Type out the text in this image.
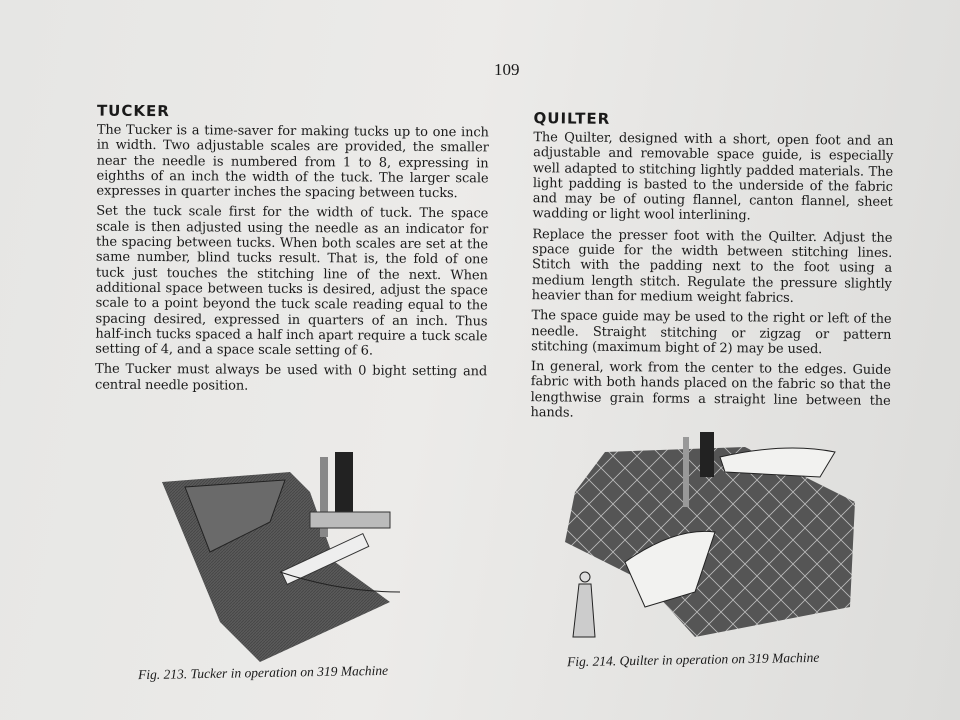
109
TUCKER

The Tucker is a time-saver for making tucks up to one inch in width. Two adjustable scales are provided, the smaller near the needle is numbered from 1 to 8, expressing in eighths of an inch the width of the tuck. The larger scale expresses in quarter inches the spacing between tucks.

Set the tuck scale first for the width of tuck. The space scale is then adjusted using the needle as an indicator for the spacing between tucks. When both scales are set at the same number, blind tucks result. That is, the fold of one tuck just touches the stitching line of the next. When additional space between tucks is desired, adjust the space scale to a point beyond the tuck scale reading equal to the spacing desired, expressed in quarters of an inch. Thus half-inch tucks spaced a half inch apart require a tuck scale setting of 4, and a space scale setting of 6.

The Tucker must always be used with 0 bight setting and central needle position.

QUILTER

The Quilter, designed with a short, open foot and an adjustable and removable space guide, is especially well adapted to stitching lightly padded materials. The light padding is basted to the underside of the fabric and may be of outing flannel, canton flannel, sheet wadding or light wool interlining.

Replace the presser foot with the Quilter. Adjust the space guide for the width between stitching lines. Stitch with the padding next to the foot using a medium length stitch. Regulate the pressure slightly heavier than for medium weight fabrics.

The space guide may be used to the right or left of the needle. Straight stitching or zigzag or pattern stitching (maximum bight of 2) may be used.

In general, work from the center to the edges. Guide fabric with both hands placed on the fabric so that the lengthwise grain forms a straight line between the hands.

Fig. 213. Tucker in operation on 319 Machine
Fig. 214. Quilter in operation on 319 Machine
